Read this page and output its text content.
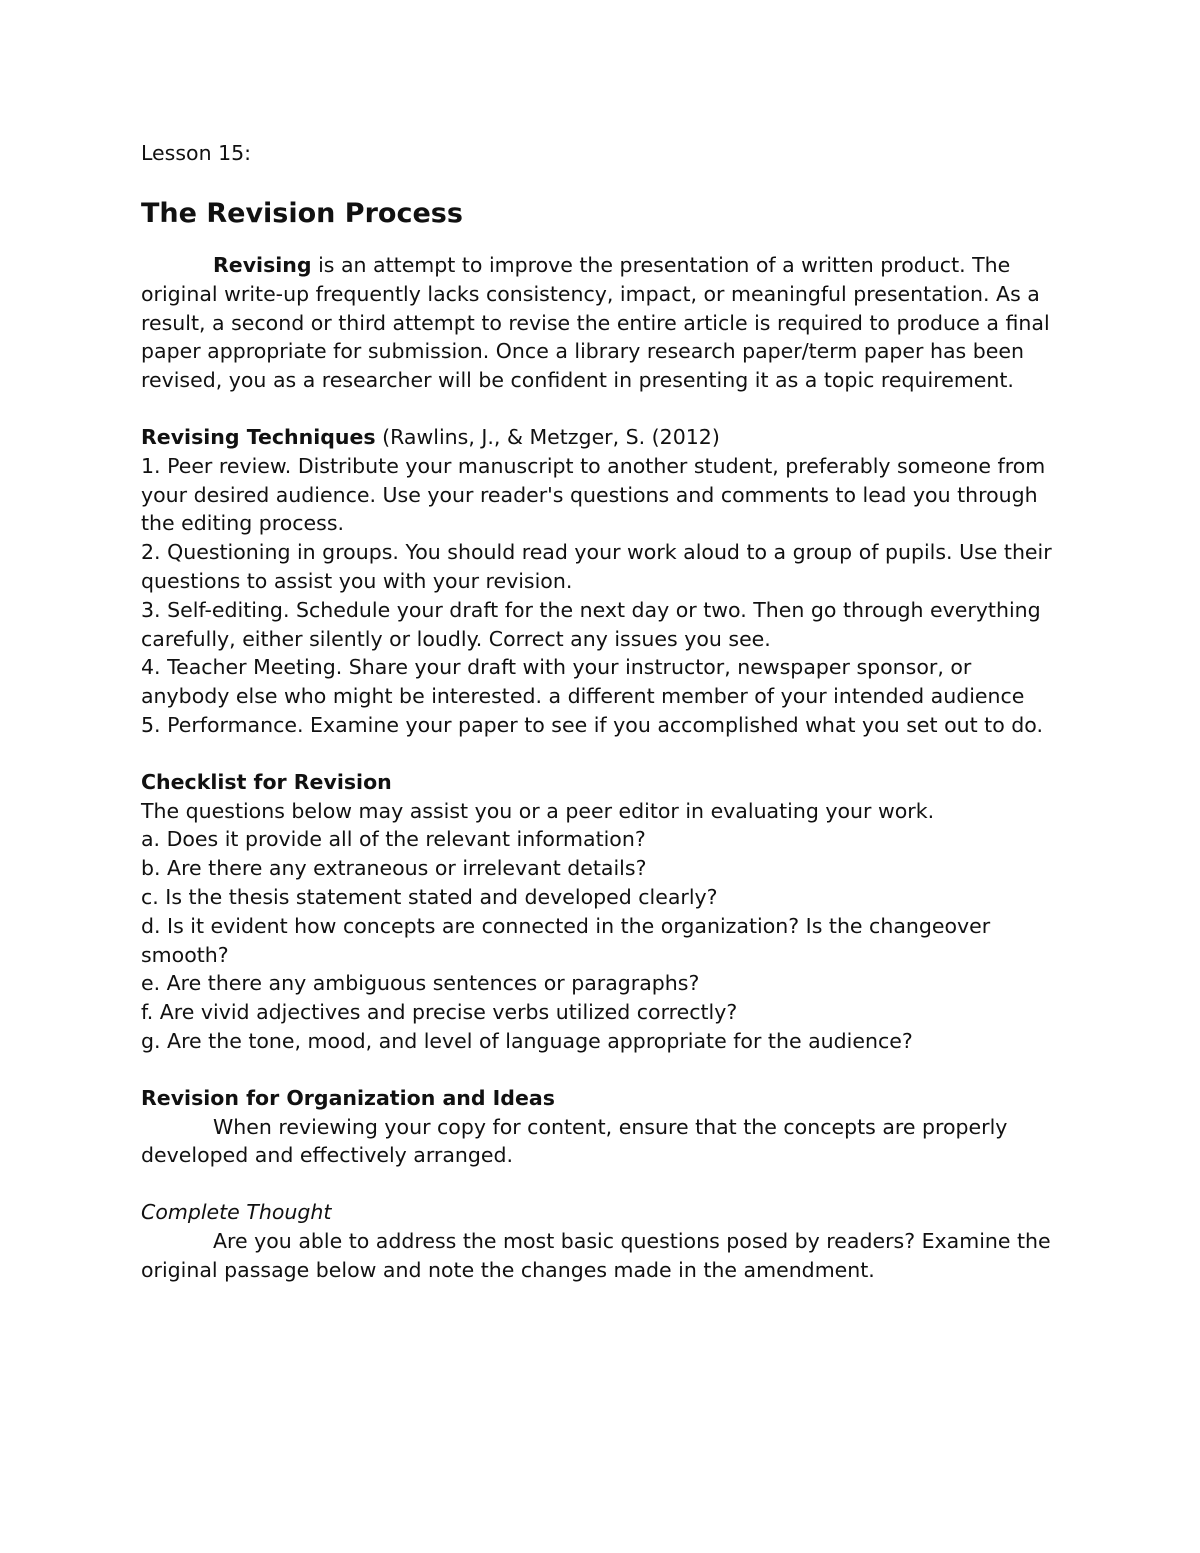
Lesson 15:

The Revision Process

Revising is an attempt to improve the presentation of a written product. The original write-up frequently lacks consistency, impact, or meaningful presentation. As a result, a second or third attempt to revise the entire article is required to produce a final paper appropriate for submission. Once a library research paper/term paper has been revised, you as a researcher will be confident in presenting it as a topic requirement.

Revising Techniques (Rawlins, J., & Metzger, S. (2012)

1. Peer review. Distribute your manuscript to another student, preferably someone from your desired audience. Use your reader's questions and comments to lead you through the editing process.
2. Questioning in groups. You should read your work aloud to a group of pupils. Use their questions to assist you with your revision.
3. Self-editing. Schedule your draft for the next day or two. Then go through everything carefully, either silently or loudly. Correct any issues you see.
4. Teacher Meeting. Share your draft with your instructor, newspaper sponsor, or anybody else who might be interested. a different member of your intended audience
5. Performance. Examine your paper to see if you accomplished what you set out to do.

Checklist for Revision

The questions below may assist you or a peer editor in evaluating your work.

a. Does it provide all of the relevant information?
b. Are there any extraneous or irrelevant details?
c. Is the thesis statement stated and developed clearly?
d. Is it evident how concepts are connected in the organization? Is the changeover smooth?
e. Are there any ambiguous sentences or paragraphs?
f. Are vivid adjectives and precise verbs utilized correctly?
g. Are the tone, mood, and level of language appropriate for the audience?

Revision for Organization and Ideas

When reviewing your copy for content, ensure that the concepts are properly developed and effectively arranged.

Complete Thought

Are you able to address the most basic questions posed by readers? Examine the original passage below and note the changes made in the amendment.
